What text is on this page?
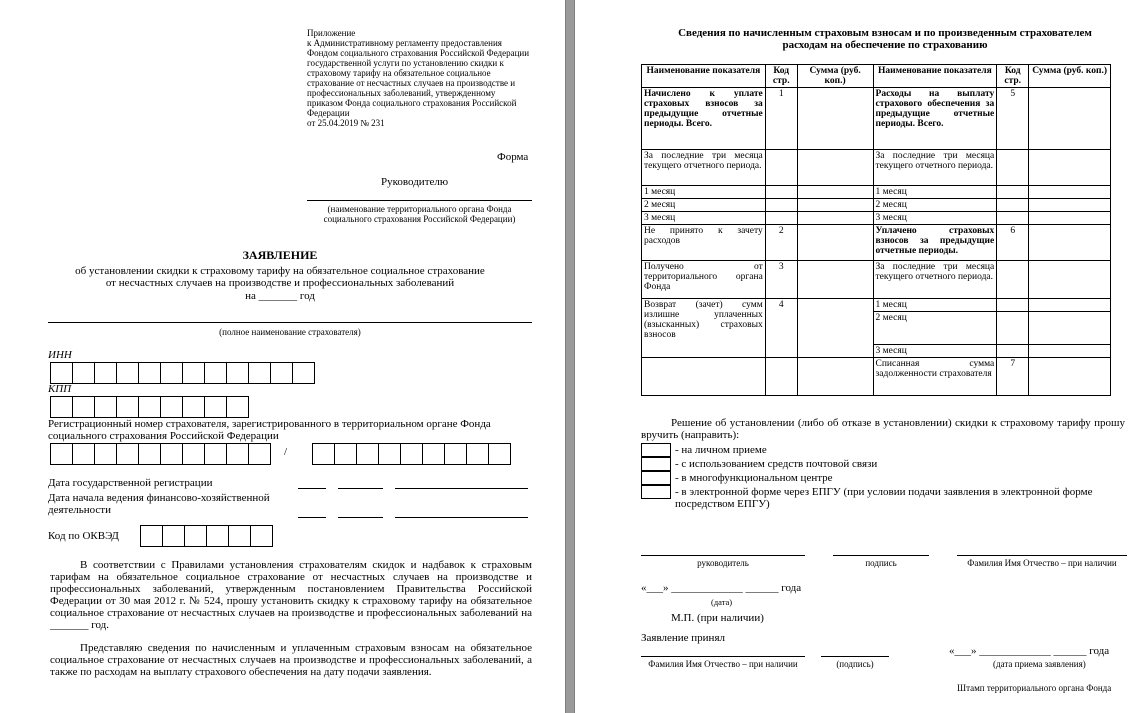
Приложение
к Административному регламенту предоставления Фондом социального страхования Российской Федерации государственной услуги по установлению скидки к страховому тарифу на обязательное социальное страхование от несчастных случаев на производстве и профессиональных заболеваний, утвержденному приказом Фонда социального страхования Российской Федерации
от 25.04.2019 № 231
Форма
Руководителю
(наименование территориального органа Фонда социального страхования Российской Федерации)
ЗАЯВЛЕНИЕ
об установлении скидки к страховому тарифу на обязательное социальное страхование
от несчастных случаев на производстве и профессиональных заболеваний
на _______ год
(полное наименование страхователя)
ИНН
КПП
Регистрационный номер страхователя, зарегистрированного в территориальном органе Фонда социального страхования Российской Федерации
/
Дата государственной регистрации
Дата начала ведения финансово-хозяйственной деятельности
Код по ОКВЭД
В соответствии с Правилами установления страхователям скидок и надбавок к страховым тарифам на обязательное социальное страхование от несчастных случаев на производстве и профессиональных заболеваний, утвержденным постановлением Правительства Российской Федерации от 30 мая 2012 г. № 524, прошу установить скидку к страховому тарифу на обязательное социальное страхование от несчастных случаев на производстве и профессиональных заболеваний на _______ год.
Представляю сведения по начисленным и уплаченным страховым взносам на обязательное социальное страхование от несчастных случаев на производстве и профессиональных заболеваний, а также по расходам на выплату страхового обеспечения на дату подачи заявления.
Сведения по начисленным страховым взносам и по произведенным страхователем расходам на обеспечение по страхованию
Наименование показателя	Код стр.	Сумма (руб. коп.)	Наименование показателя	Код стр.	Сумма (руб. коп.)
Начислено к уплате страховых взносов за предыдущие отчетные периоды. Всего.	1		Расходы на выплату страхового обеспечения за предыдущие отчетные периоды. Всего.	5	
За последние три месяца текущего отчетного периода.			За последние три месяца текущего отчетного периода.		
1 месяц			1 месяц		
2 месяц			2 месяц		
3 месяц			3 месяц		
Не принято к зачету расходов	2		Уплачено страховых взносов за предыдущие отчетные периоды.	6	
Получено от территориального органа Фонда	3		За последние три месяца текущего отчетного периода.		
Возврат (зачет) сумм излишне уплаченных (взысканных) страховых взносов	4		1 месяц		
			2 месяц		
			3 месяц		
			Списанная сумма задолженности страхователя	7	
Решение об установлении (либо об отказе в установлении) скидки к страховому тарифу прошу вручить (направить):
- на личном приеме
- с использованием средств почтовой связи
- в многофункциональном центре
- в электронной форме через ЕПГУ (при условии подачи заявления в электронной форме посредством ЕПГУ)
руководитель	подпись	Фамилия Имя Отчество – при наличии
«___» _____________ ______ года
(дата)
М.П. (при наличии)
Заявление принял
Фамилия Имя Отчество – при наличии	(подпись)
«___» _____________ ______ года
(дата приема заявления)
Штамп территориального органа Фонда
